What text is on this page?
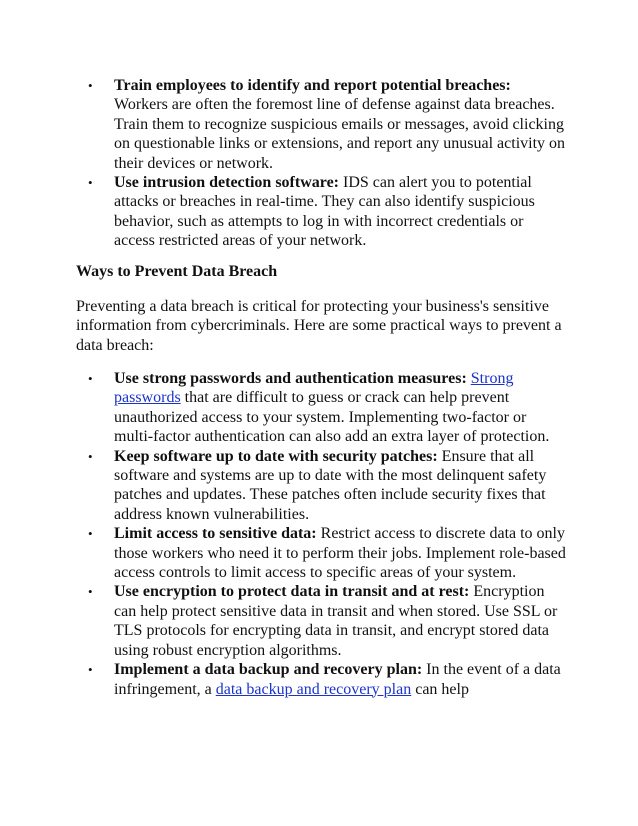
• Train employees to identify and report potential breaches: Workers are often the foremost line of defense against data breaches. Train them to recognize suspicious emails or messages, avoid clicking on questionable links or extensions, and report any unusual activity on their devices or network.
• Use intrusion detection software: IDS can alert you to potential attacks or breaches in real-time. They can also identify suspicious behavior, such as attempts to log in with incorrect credentials or access restricted areas of your network.
Ways to Prevent Data Breach

Preventing a data breach is critical for protecting your business's sensitive information from cybercriminals. Here are some practical ways to prevent a data breach:

• Use strong passwords and authentication measures: Strong passwords that are difficult to guess or crack can help prevent unauthorized access to your system. Implementing two-factor or multi-factor authentication can also add an extra layer of protection.
• Keep software up to date with security patches: Ensure that all software and systems are up to date with the most delinquent safety patches and updates. These patches often include security fixes that address known vulnerabilities.
• Limit access to sensitive data: Restrict access to discrete data to only those workers who need it to perform their jobs. Implement role-based access controls to limit access to specific areas of your system.
• Use encryption to protect data in transit and at rest: Encryption can help protect sensitive data in transit and when stored. Use SSL or TLS protocols for encrypting data in transit, and encrypt stored data using robust encryption algorithms.
• Implement a data backup and recovery plan: In the event of a data infringement, a data backup and recovery plan can help
